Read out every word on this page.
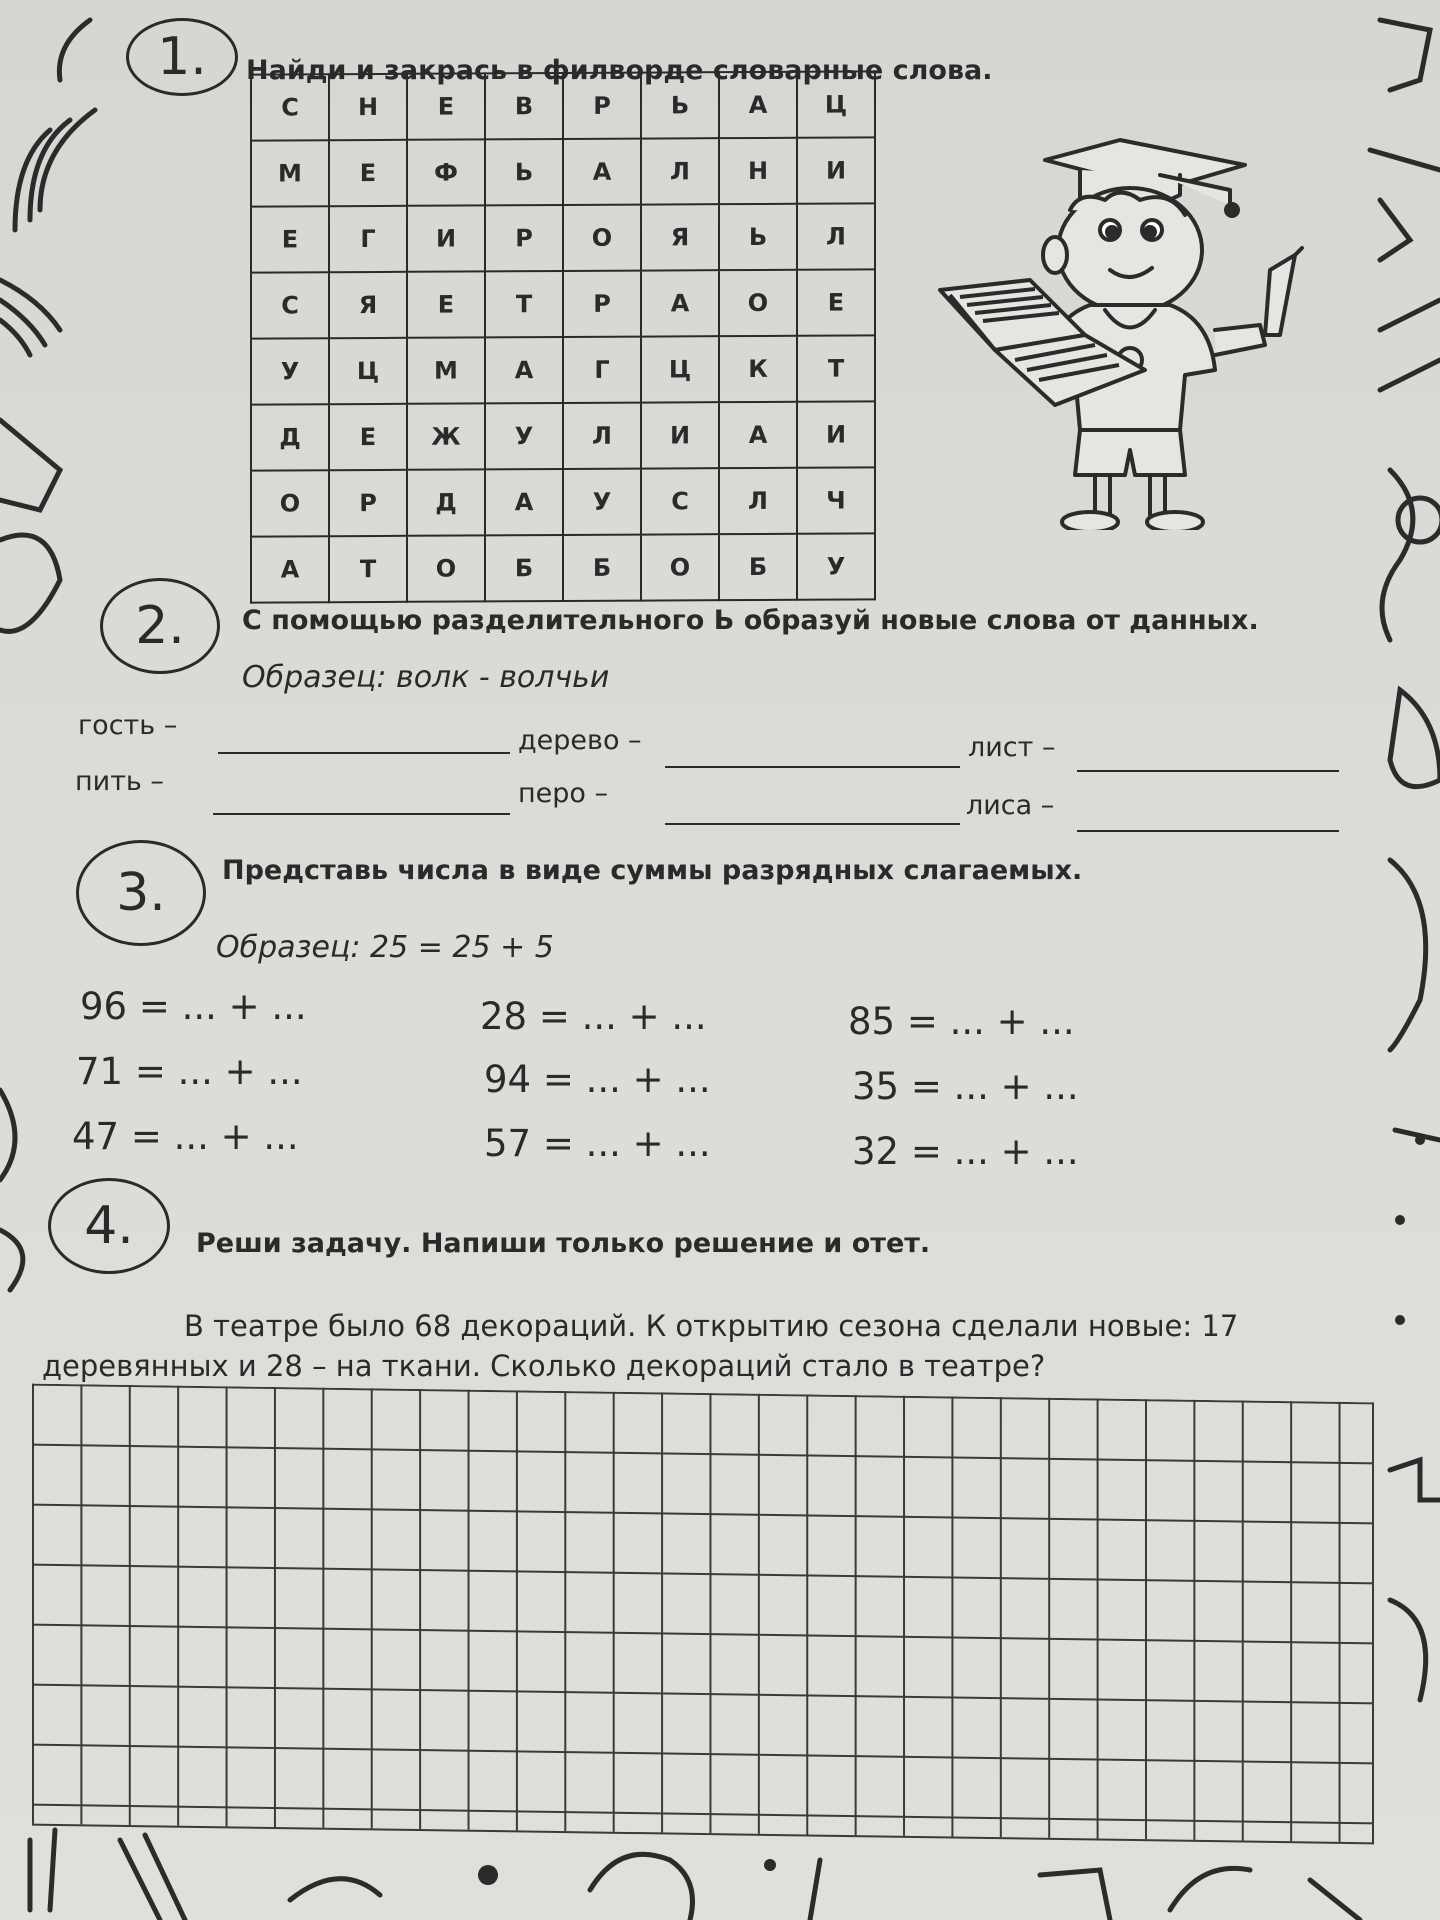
1. Найди и закрась в филворде словарные слова.
С	Н	Е	В	Р	Ь	А	Ц
М	Е	Ф	Ь	А	Л	Н	И
Е	Г	И	Р	О	Я	Ь	Л
С	Я	Е	Т	Р	А	О	Е
У	Ц	М	А	Г	Ц	К	Т
Д	Е	Ж	У	Л	И	А	И
О	Р	Д	А	У	С	Л	Ч
А	Т	О	Б	Б	О	Б	У
2. С помощью разделительного Ь образуй новые слова от данных.
Образец: волк - волчьи
гость –	дерево –	лист –
пить –	перо –	лиса –
3. Представь числа в виде суммы разрядных слагаемых.
Образец: 25 = 25 + 5
96 = ... + ...	28 = ... + ...	85 = ... + ...
71 = ... + ...	94 = ... + ...	35 = ... + ...
47 = ... + ...	57 = ... + ...	32 = ... + ...
4. Реши задачу. Напиши только решение и отет.
В театре было 68 декораций. К открытию сезона сделали новые: 17
деревянных и 28 – на ткани. Сколько декораций стало в театре?
